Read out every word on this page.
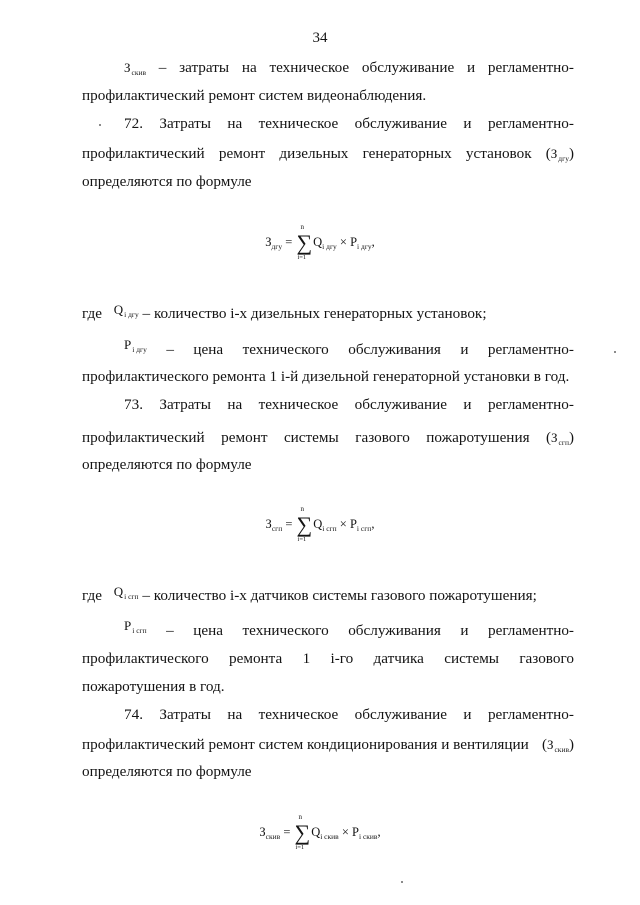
34
Зскив – затраты на техническое обслуживание и регламентно-
профилактический ремонт систем видеонаблюдения.
72. Затраты на техническое обслуживание и регламентно-
профилактический ремонт дизельных генераторных установок (Здгу)
определяются по формуле
$З_{дгу}$ = ∑
n
i=1
$Q_{i дгу} \times P_{i дгу}$,
где Qi дгу – количество i-х дизельных генераторных установок;
Pi дгу – цена технического обслуживания и регламентно-
профилактического ремонта 1 i-й дизельной генераторной установки в год.
73. Затраты на техническое обслуживание и регламентно-
профилактический ремонт системы газового пожаротушения (Зсгп)
определяются по формуле
$З_{сгп}$ = ∑
n
i=1
$Q_{i сгп} \times P_{i сгп}$,
где Qi сгп – количество i-х датчиков системы газового пожаротушения;
Pi сгп – цена технического обслуживания и регламентно-
профилактического ремонта 1 i-го датчика системы газового
пожаротушения в год.
74. Затраты на техническое обслуживание и регламентно-
профилактический ремонт систем кондиционирования и вентиляции (Зскив)
определяются по формуле
$З_{скив}$ = ∑
n
i=1
$Q_{i скив} \times P_{i скив}$,
